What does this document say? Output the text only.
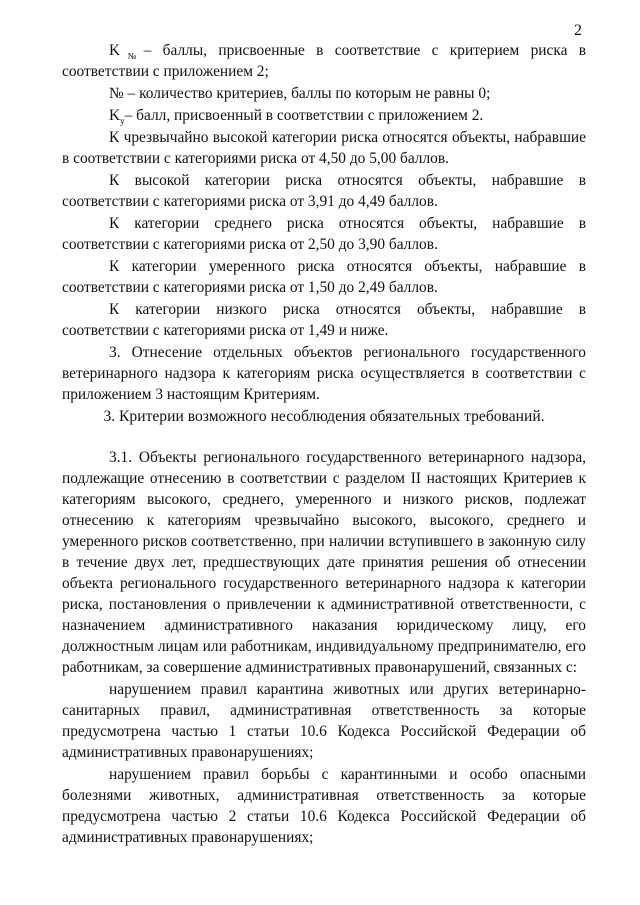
2

$K_№-$ баллы, присвоенные в соответствие с критерием риска в соответствии с приложением 2;

№ – количество критериев, баллы по которым не равны 0;

$K_у-$ балл, присвоенный в соответствии с приложением 2.

К чрезвычайно высокой категории риска относятся объекты, набравшие в соответствии с категориями риска от 4,50 до 5,00 баллов.

К высокой категории риска относятся объекты, набравшие в соответствии с категориями риска от 3,91 до 4,49 баллов.

К категории среднего риска относятся объекты, набравшие в соответствии с категориями риска от 2,50 до 3,90 баллов.

К категории умеренного риска относятся объекты, набравшие в соответствии с категориями риска от 1,50 до 2,49 баллов.

К категории низкого риска относятся объекты, набравшие в соответствии с категориями риска от 1,49 и ниже.

3. Отнесение отдельных объектов регионального государственного ветеринарного надзора к категориям риска осуществляется в соответствии с приложением 3 настоящим Критериям.

3. Критерии возможного несоблюдения обязательных требований.

3.1. Объекты регионального государственного ветеринарного надзора, подлежащие отнесению в соответствии с разделом II настоящих Критериев к категориям высокого, среднего, умеренного и низкого рисков, подлежат отнесению к категориям чрезвычайно высокого, высокого, среднего и умеренного рисков соответственно, при наличии вступившего в законную силу в течение двух лет, предшествующих дате принятия решения об отнесении объекта регионального государственного ветеринарного надзора к категории риска, постановления о привлечении к административной ответственности, с назначением административного наказания юридическому лицу, его должностным лицам или работникам, индивидуальному предпринимателю, его работникам, за совершение административных правонарушений, связанных с:

нарушением правил карантина животных или других ветеринарно-санитарных правил, административная ответственность за которые предусмотрена частью 1 статьи 10.6 Кодекса Российской Федерации об административных правонарушениях;

нарушением правил борьбы с карантинными и особо опасными болезнями животных, административная ответственность за которые предусмотрена частью 2 статьи 10.6 Кодекса Российской Федерации об административных правонарушениях;
